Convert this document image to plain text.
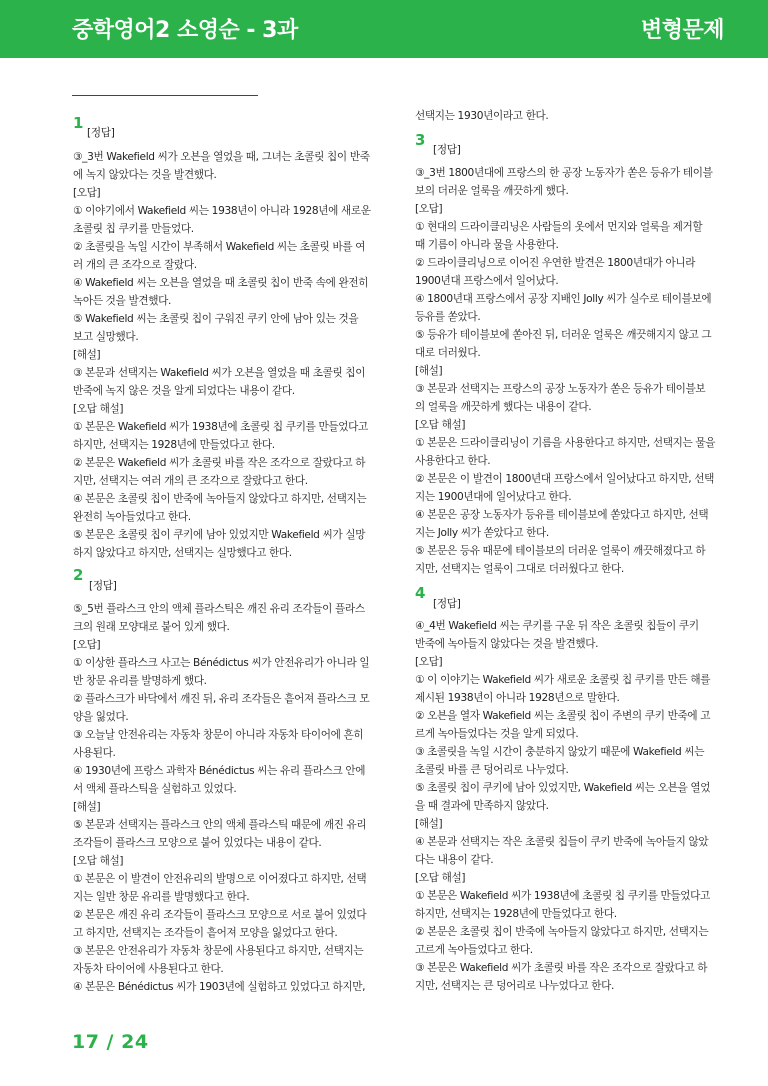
중학영어2 소영순 - 3과	변형문제
1
[정답]
2
[정답]
③_3번 Wakefield 씨가 오븐을 열었을 때, 그녀는 초콜릿 칩이 반죽
에 녹지 않았다는 것을 발견했다.
[오답]
① 이야기에서 Wakefield 씨는 1938년이 아니라 1928년에 새로운
초콜릿 칩 쿠키를 만들었다.
② 초콜릿을 녹일 시간이 부족해서 Wakefield 씨는 초콜릿 바를 여
러 개의 큰 조각으로 잘랐다.
④ Wakefield 씨는 오븐을 열었을 때 초콜릿 칩이 반죽 속에 완전히
녹아든 것을 발견했다.
⑤ Wakefield 씨는 초콜릿 칩이 구워진 쿠키 안에 남아 있는 것을
보고 실망했다.
[해설]
③ 본문과 선택지는 Wakefield 씨가 오븐을 열었을 때 초콜릿 칩이
반죽에 녹지 않은 것을 알게 되었다는 내용이 같다.
[오답 해설]
① 본문은 Wakefield 씨가 1938년에 초콜릿 칩 쿠키를 만들었다고
하지만, 선택지는 1928년에 만들었다고 한다.
② 본문은 Wakefield 씨가 초콜릿 바를 작은 조각으로 잘랐다고 하
지만, 선택지는 여러 개의 큰 조각으로 잘랐다고 한다.
④ 본문은 초콜릿 칩이 반죽에 녹아들지 않았다고 하지만, 선택지는
완전히 녹아들었다고 한다.
⑤ 본문은 초콜릿 칩이 쿠키에 남아 있었지만 Wakefield 씨가 실망
하지 않았다고 하지만, 선택지는 실망했다고 한다.
⑤_5번 플라스크 안의 액체 플라스틱은 깨진 유리 조각들이 플라스
크의 원래 모양대로 붙어 있게 했다.
[오답]
① 이상한 플라스크 사고는 Bénédictus 씨가 안전유리가 아니라 일
반 창문 유리를 발명하게 했다.
② 플라스크가 바닥에서 깨진 뒤, 유리 조각들은 흩어져 플라스크 모
양을 잃었다.
③ 오늘날 안전유리는 자동차 창문이 아니라 자동차 타이어에 흔히
사용된다.
④ 1930년에 프랑스 과학자 Bénédictus 씨는 유리 플라스크 안에
서 액체 플라스틱을 실험하고 있었다.
[해설]
⑤ 본문과 선택지는 플라스크 안의 액체 플라스틱 때문에 깨진 유리
조각들이 플라스크 모양으로 붙어 있었다는 내용이 같다.
[오답 해설]
① 본문은 이 발견이 안전유리의 발명으로 이어졌다고 하지만, 선택
지는 일반 창문 유리를 발명했다고 한다.
② 본문은 깨진 유리 조각들이 플라스크 모양으로 서로 붙어 있었다
고 하지만, 선택지는 조각들이 흩어져 모양을 잃었다고 한다.
③ 본문은 안전유리가 자동차 창문에 사용된다고 하지만, 선택지는
자동차 타이어에 사용된다고 한다.
④ 본문은 Bénédictus 씨가 1903년에 실험하고 있었다고 하지만,
선택지는 1930년이라고 한다.
3
[정답]
4
[정답]
③_3번 1800년대에 프랑스의 한 공장 노동자가 쏟은 등유가 테이블
보의 더러운 얼룩을 깨끗하게 했다.
[오답]
① 현대의 드라이클리닝은 사람들의 옷에서 먼지와 얼룩을 제거할
때 기름이 아니라 물을 사용한다.
② 드라이클리닝으로 이어진 우연한 발견은 1800년대가 아니라
1900년대 프랑스에서 일어났다.
④ 1800년대 프랑스에서 공장 지배인 Jolly 씨가 실수로 테이블보에
등유를 쏟았다.
⑤ 등유가 테이블보에 쏟아진 뒤, 더러운 얼룩은 깨끗해지지 않고 그
대로 더러웠다.
[해설]
③ 본문과 선택지는 프랑스의 공장 노동자가 쏟은 등유가 테이블보
의 얼룩을 깨끗하게 했다는 내용이 같다.
[오답 해설]
① 본문은 드라이클리닝이 기름을 사용한다고 하지만, 선택지는 물을
사용한다고 한다.
② 본문은 이 발견이 1800년대 프랑스에서 일어났다고 하지만, 선택
지는 1900년대에 일어났다고 한다.
④ 본문은 공장 노동자가 등유를 테이블보에 쏟았다고 하지만, 선택
지는 Jolly 씨가 쏟았다고 한다.
⑤ 본문은 등유 때문에 테이블보의 더러운 얼룩이 깨끗해졌다고 하
지만, 선택지는 얼룩이 그대로 더러웠다고 한다.
④_4번 Wakefield 씨는 쿠키를 구운 뒤 작은 초콜릿 칩들이 쿠키
반죽에 녹아들지 않았다는 것을 발견했다.
[오답]
① 이 이야기는 Wakefield 씨가 새로운 초콜릿 칩 쿠키를 만든 해를
제시된 1938년이 아니라 1928년으로 말한다.
② 오븐을 열자 Wakefield 씨는 초콜릿 칩이 주변의 쿠키 반죽에 고
르게 녹아들었다는 것을 알게 되었다.
③ 초콜릿을 녹일 시간이 충분하지 않았기 때문에 Wakefield 씨는
초콜릿 바를 큰 덩어리로 나누었다.
⑤ 초콜릿 칩이 쿠키에 남아 있었지만, Wakefield 씨는 오븐을 열었
을 때 결과에 만족하지 않았다.
[해설]
④ 본문과 선택지는 작은 초콜릿 칩들이 쿠키 반죽에 녹아들지 않았
다는 내용이 같다.
[오답 해설]
① 본문은 Wakefield 씨가 1938년에 초콜릿 칩 쿠키를 만들었다고
하지만, 선택지는 1928년에 만들었다고 한다.
② 본문은 초콜릿 칩이 반죽에 녹아들지 않았다고 하지만, 선택지는
고르게 녹아들었다고 한다.
③ 본문은 Wakefield 씨가 초콜릿 바를 작은 조각으로 잘랐다고 하
지만, 선택지는 큰 덩어리로 나누었다고 한다.
17 / 24
